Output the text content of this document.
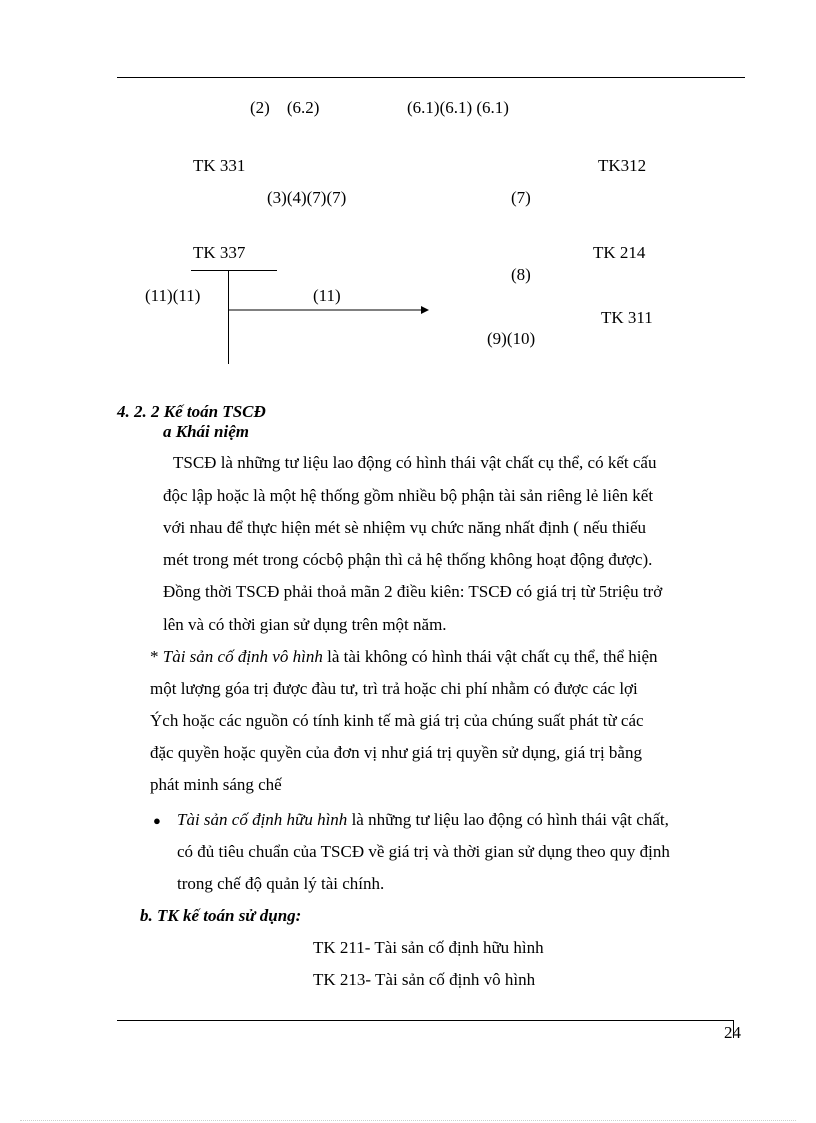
(2)    (6.2)	(6.1)(6.1) (6.1)
TK 331	TK312
(3)(4)(7)(7)	(7)
TK 337	TK 214
(8)
(11)(11)	(11)
TK 311
(9)(10)
4. 2. 2 Kế toán TSCĐ
a Khái niệm
TSCĐ là những tư liệu lao động có hình thái vật chất cụ thể, có kết cấu
độc lập hoặc là một hệ thống gồm nhiều bộ phận tài sản riêng lẻ liên kết
với nhau để thực hiện mét sè nhiệm vụ chức năng nhất định ( nếu thiếu
mét trong mét trong cócbộ phận thì cả hệ thống không hoạt động được).
Đồng thời TSCĐ phải thoả mãn 2 điều kiên: TSCĐ có giá trị từ 5triệu trở
lên và có thời gian sử dụng trên một năm.
* Tài sản cố định vô hình là tài không có hình thái vật chất cụ thể, thể hiện
một lượng góa trị được đàu tư, trì trả hoặc chi phí nhằm có được các lợi
Ých hoặc các nguồn có tính kinh tế mà giá trị của chúng suất phát từ các
đặc quyền hoặc quyền của đơn vị như giá trị quyền sử dụng, giá trị bằng
phát minh sáng chế
● Tài sản cố định hữu hình là những tư liệu lao động có hình thái vật chất,
có đủ tiêu chuẩn của TSCĐ về giá trị và thời gian sử dụng theo quy định
trong chế độ quản lý tài chính.
b. TK kế toán sử dụng:
TK 211- Tài sản cố định hữu hình
TK 213- Tài sản cố định vô hình
24
